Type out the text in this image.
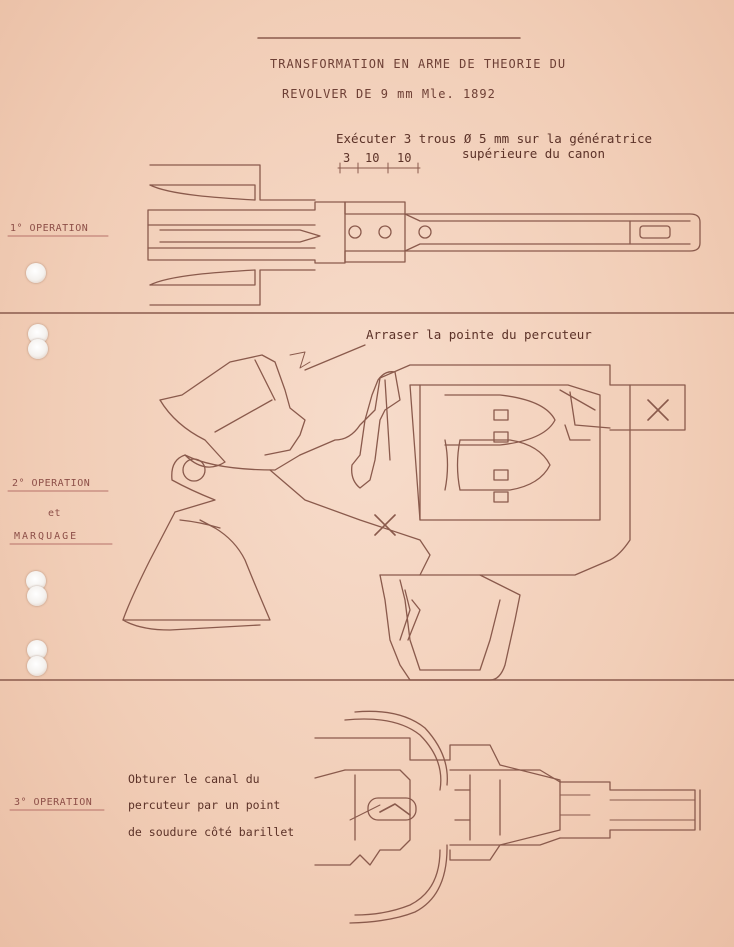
TRANSFORMATION EN ARME DE THEORIE DU
REVOLVER DE 9 mm Mle. 1892
1° OPERATION
Exécuter 3 trous Ø 5 mm sur la génératrice
supérieure du canon
3 10 10
2° OPERATION
et
MARQUAGE
Arraser la pointe du percuteur
3° OPERATION
Obturer le canal du
percuteur par un point
de soudure côté barillet
